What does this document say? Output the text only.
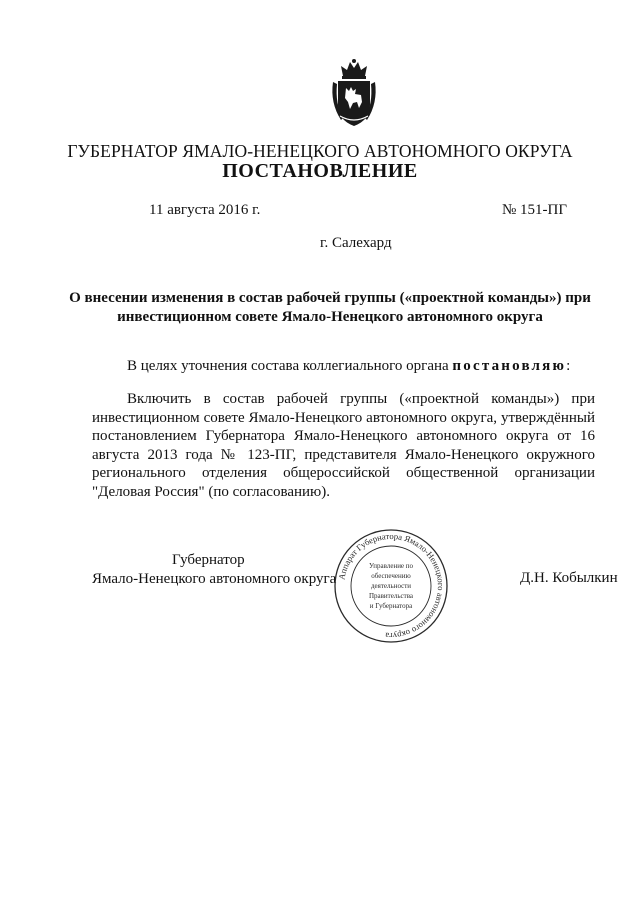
ГУБЕРНАТОР ЯМАЛО-НЕНЕЦКОГО АВТОНОМНОГО ОКРУГА
ПОСТАНОВЛЕНИЕ
11 августа 2016 г.	№ 151-ПГ
г. Салехард
О внесении изменения в состав рабочей группы («проектной команды») при
инвестиционном совете Ямало-Ненецкого автономного округа
В целях уточнения состава коллегиального органа постановляю:
Включить в состав рабочей группы («проектной команды») при инвестиционном совете Ямало-Ненецкого автономного округа, утверждённый постановлением Губернатора Ямало-Ненецкого автономного округа от 16 августа 2013 года № 123-ПГ, представителя Ямало-Ненецкого окружного регионального отделения общероссийской общественной организации "Деловая Россия" (по согласованию).
Губернатор
Ямало-Ненецкого автономного округа	Д.Н. Кобылкин
Аппарат Губернатора Ямало-Ненецкого автономного округа
Управление по
обеспечению
деятельности
Правительства
и Губернатора
